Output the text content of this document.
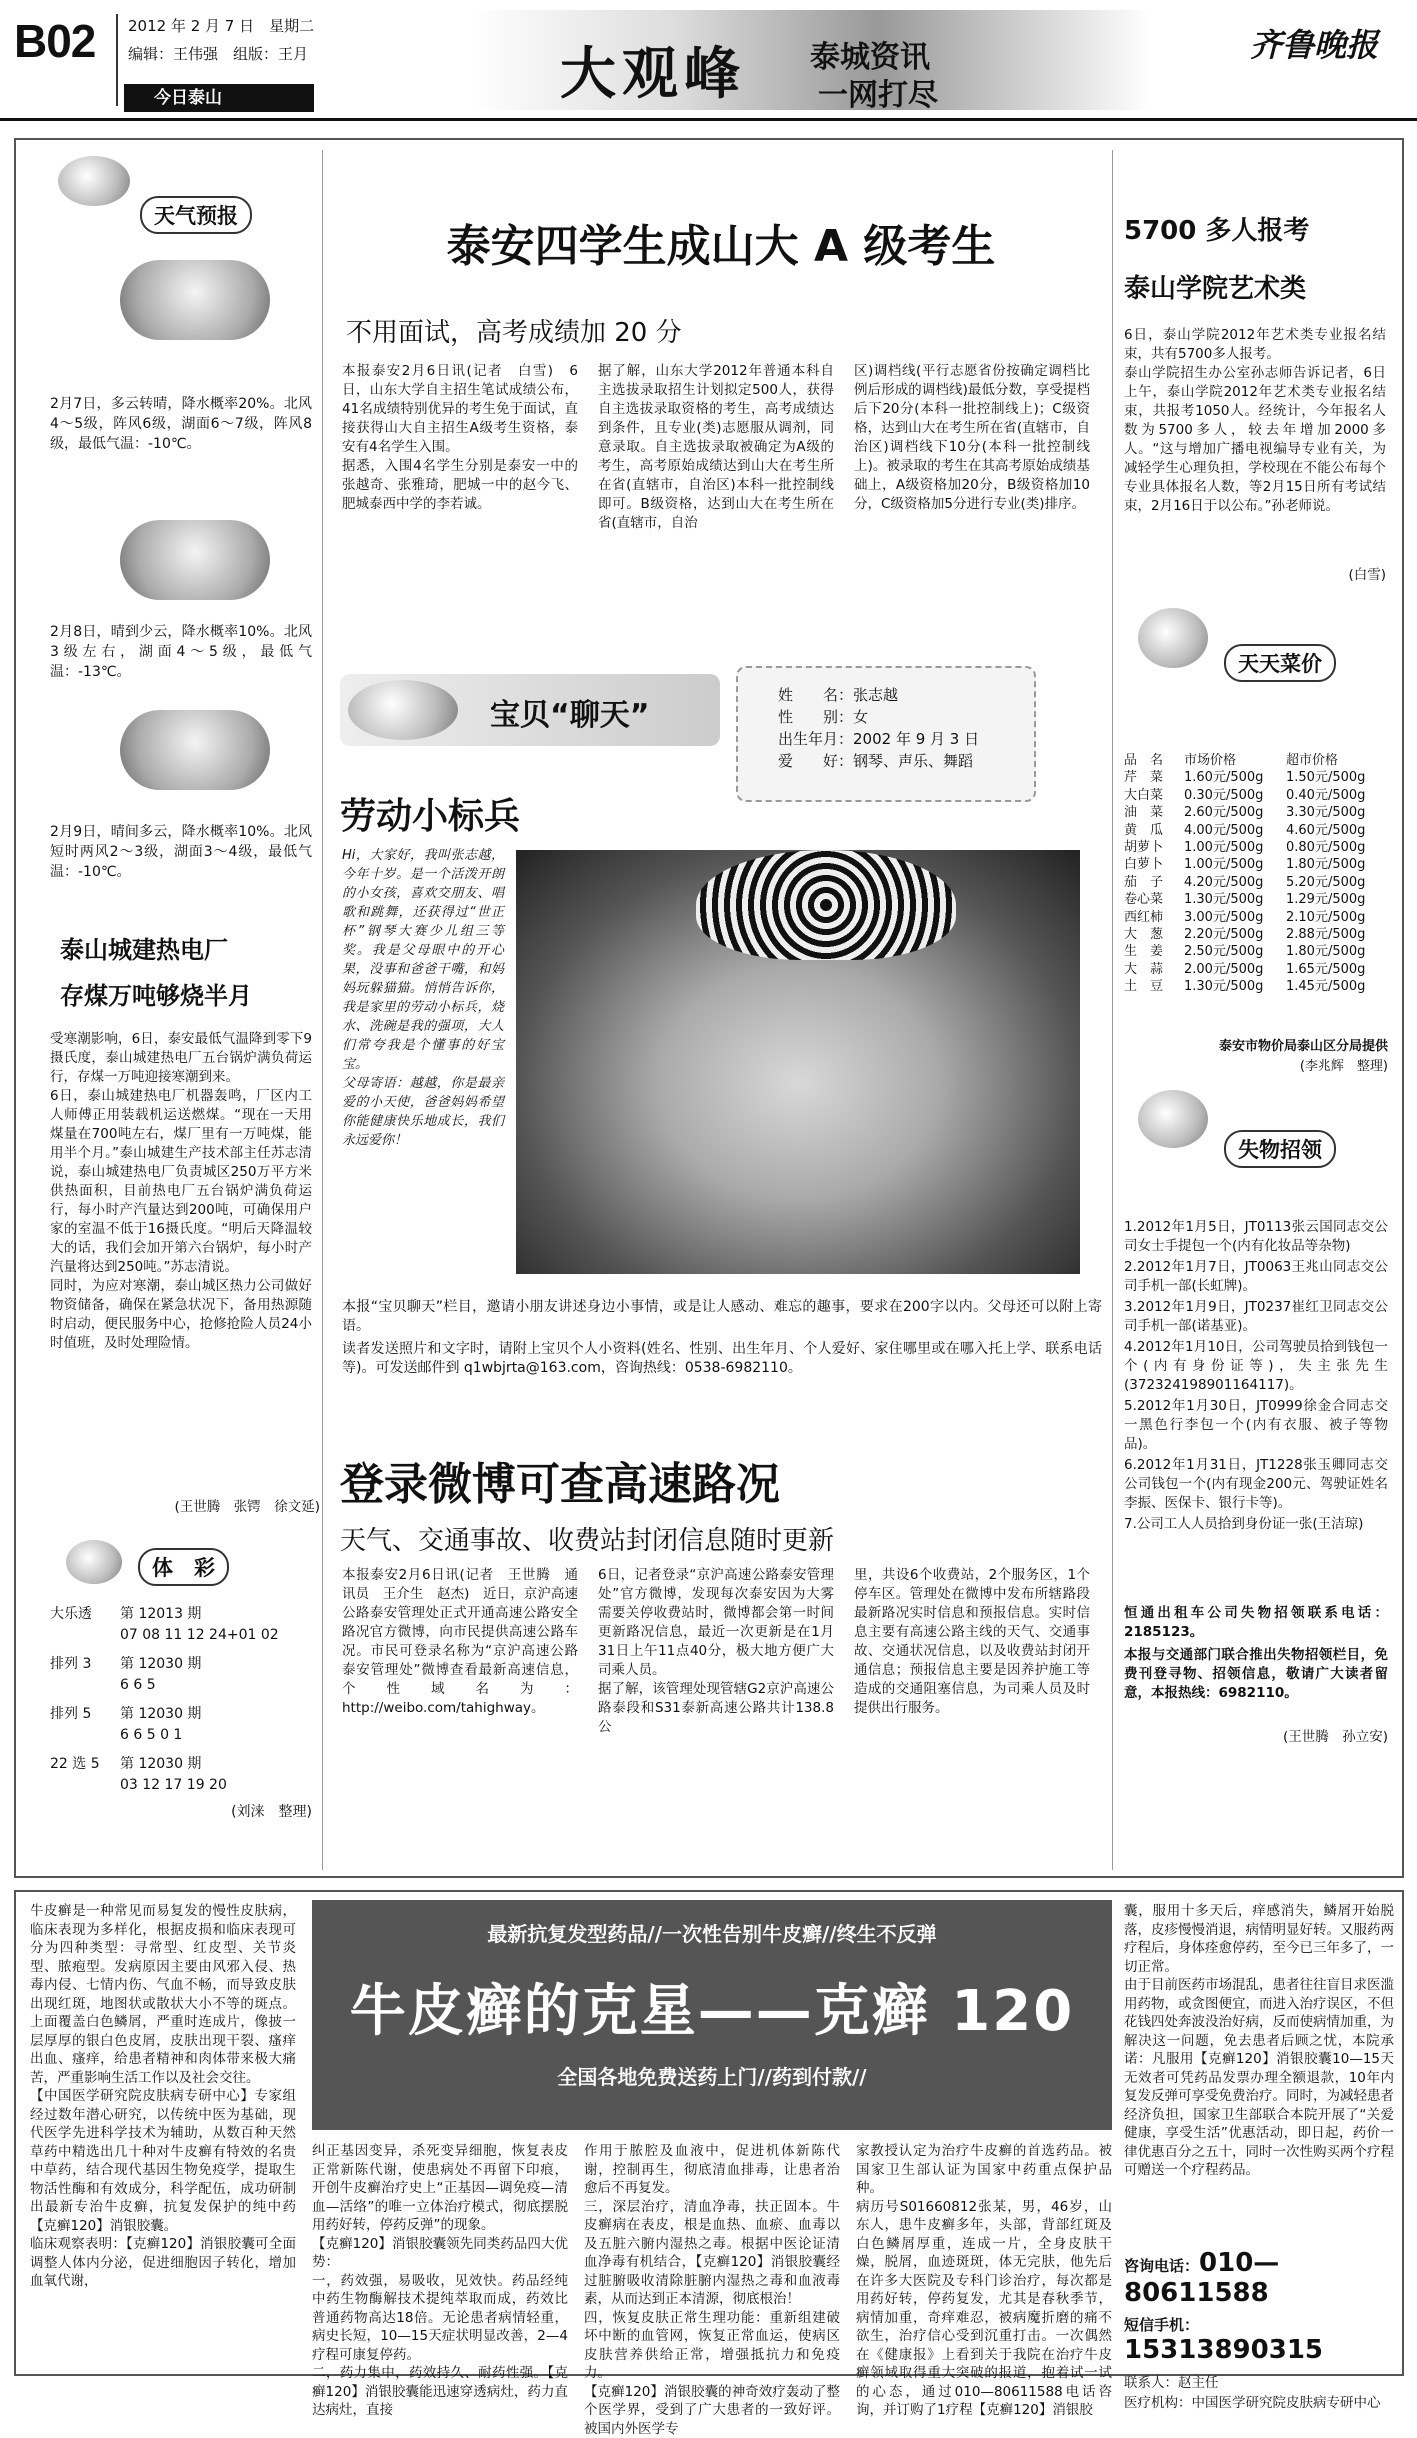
B02 2012 年 2 月 7 日　 星期二
编辑：王伟强　 组版：王月
今日泰山	大观峰 泰城资讯
一网打尽
齐鲁晚报
天气预报
2月7日，多云转晴，降水概率20%。北风4～5级，阵风6级，湖面6～7级，阵风8级，最低气温：-10℃。
2月8日，晴到少云，降水概率10%。北风3级左右，湖面4～5级，最低气温：-13℃。
2月9日，晴间多云，降水概率10%。北风短时两风2～3级，湖面3～4级，最低气温：-10℃。
泰山城建热电厂
存煤万吨够烧半月
受寒潮影响，6日，泰安最低气温降到零下9摄氏度，泰山城建热电厂五台锅炉满负荷运行，存煤一万吨迎接寒潮到来。
6日，泰山城建热电厂机器轰鸣，厂区内工人师傅正用装载机运送燃煤。“现在一天用煤量在700吨左右，煤厂里有一万吨煤，能用半个月。”泰山城建生产技术部主任苏志清说，泰山城建热电厂负责城区250万平方米供热面积，目前热电厂五台锅炉满负荷运行，每小时产汽量达到200吨，可确保用户家的室温不低于16摄氏度。“明后天降温较大的话，我们会加开第六台锅炉，每小时产汽量将达到250吨。”苏志清说。
同时，为应对寒潮，泰山城区热力公司做好物资储备，确保在紧急状况下，备用热源随时启动，便民服务中心，抢修抢险人员24小时值班，及时处理险情。
(王世腾　张锷　徐文延)
体　彩
大乐透 第 12013 期
07 08 11 12 24+01 02
排列 3 第 12030 期
6 6 5
排列 5 第 12030 期
6 6 5 0 1
22 选 5 第 12030 期
03 12 17 19 20
(刘涞　整理)
泰安四学生成山大 A 级考生
不用面试，高考成绩加 20 分
本报泰安2月6日讯(记者　白雪)　6日，山东大学自主招生笔试成绩公布，41名成绩特别优异的考生免于面试，直接获得山大自主招生A级考生资格，泰安有4名学生入围。
据悉，入围4名学生分别是泰安一中的张越奇、张雅琦，肥城一中的赵今飞、肥城泰西中学的李若诚。
据了解，山东大学2012年普通本科自主选拔录取招生计划拟定500人，获得自主选拔录取资格的考生，高考成绩达到条件，且专业(类)志愿服从调剂，同意录取。自主选拔录取被确定为A级的考生，高考原始成绩达到山大在考生所在省(直辖市，自治区)本科一批控制线即可。B级资格，达到山大在考生所在省(直辖市，自治
区)调档线(平行志愿省份按确定调档比例后形成的调档线)最低分数，享受提档后下20分(本科一批控制线上)；C级资格，达到山大在考生所在省(直辖市，自治区)调档线下10分(本科一批控制线上)。被录取的考生在其高考原始成绩基础上，A级资格加20分，B级资格加10分，C级资格加5分进行专业(类)排序。
宝贝“聊天”
姓　　名：张志越
性　　别：女
出生年月：2002 年 9 月 3 日
爱　　好：钢琴、声乐、舞蹈
劳动小标兵
Hi，大家好，我叫张志越，今年十岁。是一个活泼开朗的小女孩，喜欢交朋友、唱歌和跳舞，还获得过“世正杯”钢琴大赛少儿组三等奖。我是父母眼中的开心果，没事和爸爸干嘴，和妈妈玩躲猫猫。悄悄告诉你，我是家里的劳动小标兵，烧水、洗碗是我的强项，大人们常夸我是个懂事的好宝宝。
父母寄语：越越，你是最亲爱的小天使，爸爸妈妈希望你能健康快乐地成长，我们永远爱你！
本报“宝贝聊天”栏目，邀请小朋友讲述身边小事情，或是让人感动、难忘的趣事，要求在200字以内。父母还可以附上寄语。
读者发送照片和文字时，请附上宝贝个人小资料(姓名、性别、出生年月、个人爱好、家住哪里或在哪入托上学、联系电话等)。可发送邮件到 q1wbjrta@163.com，咨询热线：0538-6982110。
登录微博可查高速路况
天气、交通事故、收费站封闭信息随时更新
本报泰安2月6日讯(记者　王世腾　通讯员　王介生　赵杰)　近日，京沪高速公路泰安管理处正式开通高速公路安全路况官方微博，向市民提供高速公路车况。市民可登录名称为“京沪高速公路泰安管理处”微博查看最新高速信息，个性域名为：http://weibo.com/tahighway。
6日，记者登录“京沪高速公路泰安管理处”官方微博，发现每次泰安因为大雾需要关停收费站时，微博都会第一时间更新路况信息，最近一次更新是在1月31日上午11点40分，极大地方便广大司乘人员。
据了解，该管理处现管辖G2京沪高速公路泰段和S31泰新高速公路共计138.8公
里，共设6个收费站，2个服务区，1个停车区。管理处在微博中发布所辖路段最新路况实时信息和预报信息。实时信息主要有高速公路主线的天气、交通事故、交通状况信息，以及收费站封闭开通信息；预报信息主要是因养护施工等造成的交通阻塞信息，为司乘人员及时提供出行服务。
5700 多人报考
泰山学院艺术类
6日，泰山学院2012年艺术类专业报名结束，共有5700多人报考。
泰山学院招生办公室孙志师告诉记者，6日上午，泰山学院2012年艺术类专业报名结束，共报考1050人。经统计，今年报名人数为5700多人，较去年增加2000多人。“这与增加广播电视编导专业有关，为减轻学生心理负担，学校现在不能公布每个专业具体报名人数，等2月15日所有考试结束，2月16日于以公布。”孙老师说。
(白雪)
天天菜价
品　名	市场价格	超市价格
芹　菜	1.60元/500g	1.50元/500g
大白菜	0.30元/500g	0.40元/500g
油　菜	2.60元/500g	3.30元/500g
黄　瓜	4.00元/500g	4.60元/500g
胡萝卜	1.00元/500g	0.80元/500g
白萝卜	1.00元/500g	1.80元/500g
茄　子	4.20元/500g	5.20元/500g
卷心菜	1.30元/500g	1.29元/500g
西红柿	3.00元/500g	2.10元/500g
大　葱	2.20元/500g	2.88元/500g
生　姜	2.50元/500g	1.80元/500g
大　蒜	2.00元/500g	1.65元/500g
土　豆	1.30元/500g	1.45元/500g
泰安市物价局泰山区分局提供
(李兆辉　整理)
失物招领
1.2012年1月5日，JT0113张云国同志交公司女士手提包一个(内有化妆品等杂物)
2.2012年1月7日，JT0063王兆山同志交公司手机一部(长虹牌)。
3.2012年1月9日，JT0237崔红卫同志交公司手机一部(诺基亚)。
4.2012年1月10日，公司驾驶员拾到钱包一个(内有身份证等)，失主张先生(372324198901164117)。
5.2012年1月30日，JT0999徐金合同志交一黑色行李包一个(内有衣服、被子等物品)。
6.2012年1月31日，JT1228张玉卿同志交公司钱包一个(内有现金200元、驾驶证姓名李振、医保卡、银行卡等)。
7.公司工人人员拾到身份证一张(王洁琼)
恒通出租车公司失物招领联系电话：2185123。
本报与交通部门联合推出失物招领栏目，免费刊登寻物、招领信息，敬请广大读者留意，本报热线：6982110。
(王世腾　孙立安)
牛皮癣是一种常见而易复发的慢性皮肤病，临床表现为多样化，根据皮损和临床表现可分为四种类型：寻常型、红皮型、关节炎型、脓疱型。发病原因主要由风邪入侵、热毒内侵、七情内伤、气血不畅，而导致皮肤出现红斑，地图状或散状大小不等的斑点。上面覆盖白色鳞屑，严重时连成片，像披一层厚厚的银白色皮屑，皮肤出现干裂、瘙痒出血、瘙痒，给患者精神和肉体带来极大痛苦，严重影响生活工作以及社会交往。
【中国医学研究院皮肤病专研中心】专家组经过数年潜心研究，以传统中医为基础，现代医学先进科学技术为辅助，从数百种天然草药中精选出几十种对牛皮癣有特效的名贵中草药，结合现代基因生物免疫学，提取生物活性酶和有效成分，科学配伍，成功研制出最新专治牛皮癣，抗复发保护的纯中药【克癣120】消银胶囊。
临床观察表明：【克癣120】消银胶囊可全面调整人体内分泌，促进细胞因子转化，增加血氧代谢，
最新抗复发型药品//一次性告别牛皮癣//终生不反弹
牛皮癣的克星——克癣 120
全国各地免费送药上门//药到付款//
纠正基因变异，杀死变异细胞，恢复表皮正常新陈代谢，使患病处不再留下印痕，开创牛皮癣治疗史上“正基因—调免疫—清血—活络”的唯一立体治疗模式，彻底摆脱用药好转，停药反弹”的现象。
【克癣120】消银胶囊领先同类药品四大优势：
一，药效强，易吸收，见效快。药品经纯中药生物酶解技术提纯萃取而成，药效比普通药物高达18倍。无论患者病情轻重，病史长短，10—15天症状明显改善，2—4疗程可康复停药。
二，药力集中，药效持久、耐药性强。【克癣120】消银胶囊能迅速穿透病灶，药力直达病灶，直接
作用于脓腔及血液中，促进机体新陈代谢，控制再生，彻底清血排毒，让患者治愈后不再复发。
三，深层治疗，清血净毒，扶正固本。牛皮癣病在表皮，根是血热、血瘀、血毒以及五脏六腑内湿热之毒。根据中医论证清血净毒有机结合，【克癣120】消银胶囊经过脏腑吸收清除脏腑内湿热之毒和血液毒素，从而达到正本清源，彻底根治！
四，恢复皮肤正常生理功能：重新组建破坏中断的血管网，恢复正常血运，使病区皮肤营养供给正常，增强抵抗力和免疫力。
【克癣120】消银胶囊的神奇效疗轰动了整个医学界，受到了广大患者的一致好评。被国内外医学专
家教授认定为治疗牛皮癣的首选药品。被国家卫生部认证为国家中药重点保护品种。
病历号S01660812张某，男，46岁，山东人，患牛皮癣多年，头部，背部红斑及白色鳞屑厚重，连成一片，全身皮肤干燥，脱屑，血迹斑斑，体无完肤，他先后在许多大医院及专科门诊治疗，每次都是用药好转，停药复发，尤其是春秋季节，病情加重，奇痒难忍，被病魔折磨的痛不欲生，治疗信心受到沉重打击。一次偶然在《健康报》上看到关于我院在治疗牛皮癣领域取得重大突破的报道，抱着试一试的心态，通过010—80611588电话咨询，并订购了1疗程【克癣120】消银胶
囊，服用十多天后，痒感消失，鳞屑开始脱落，皮疹慢慢消退，病情明显好转。又服药两疗程后，身体痊愈停药，至今已三年多了，一切正常。
由于目前医药市场混乱，患者往往盲目求医滥用药物，或贪图便宜，而进入治疗误区，不但花钱四处奔波没治好病，反而使病情加重，为解决这一问题，免去患者后顾之忧，本院承诺：凡服用【克癣120】消银胶囊10—15天无效者可凭药品发票办理全额退款，10年内复发反弹可享受免费治疗。同时，为减轻患者经济负担，国家卫生部联合本院开展了“关爱健康，享受生活”优惠活动，即日起，药价一律优惠百分之五十，同时一次性购买两个疗程可赠送一个疗程药品。
咨询电话：010—80611588
短信手机：15313890315
联系人：赵主任
医疗机构：中国医学研究院皮肤病专研中心
